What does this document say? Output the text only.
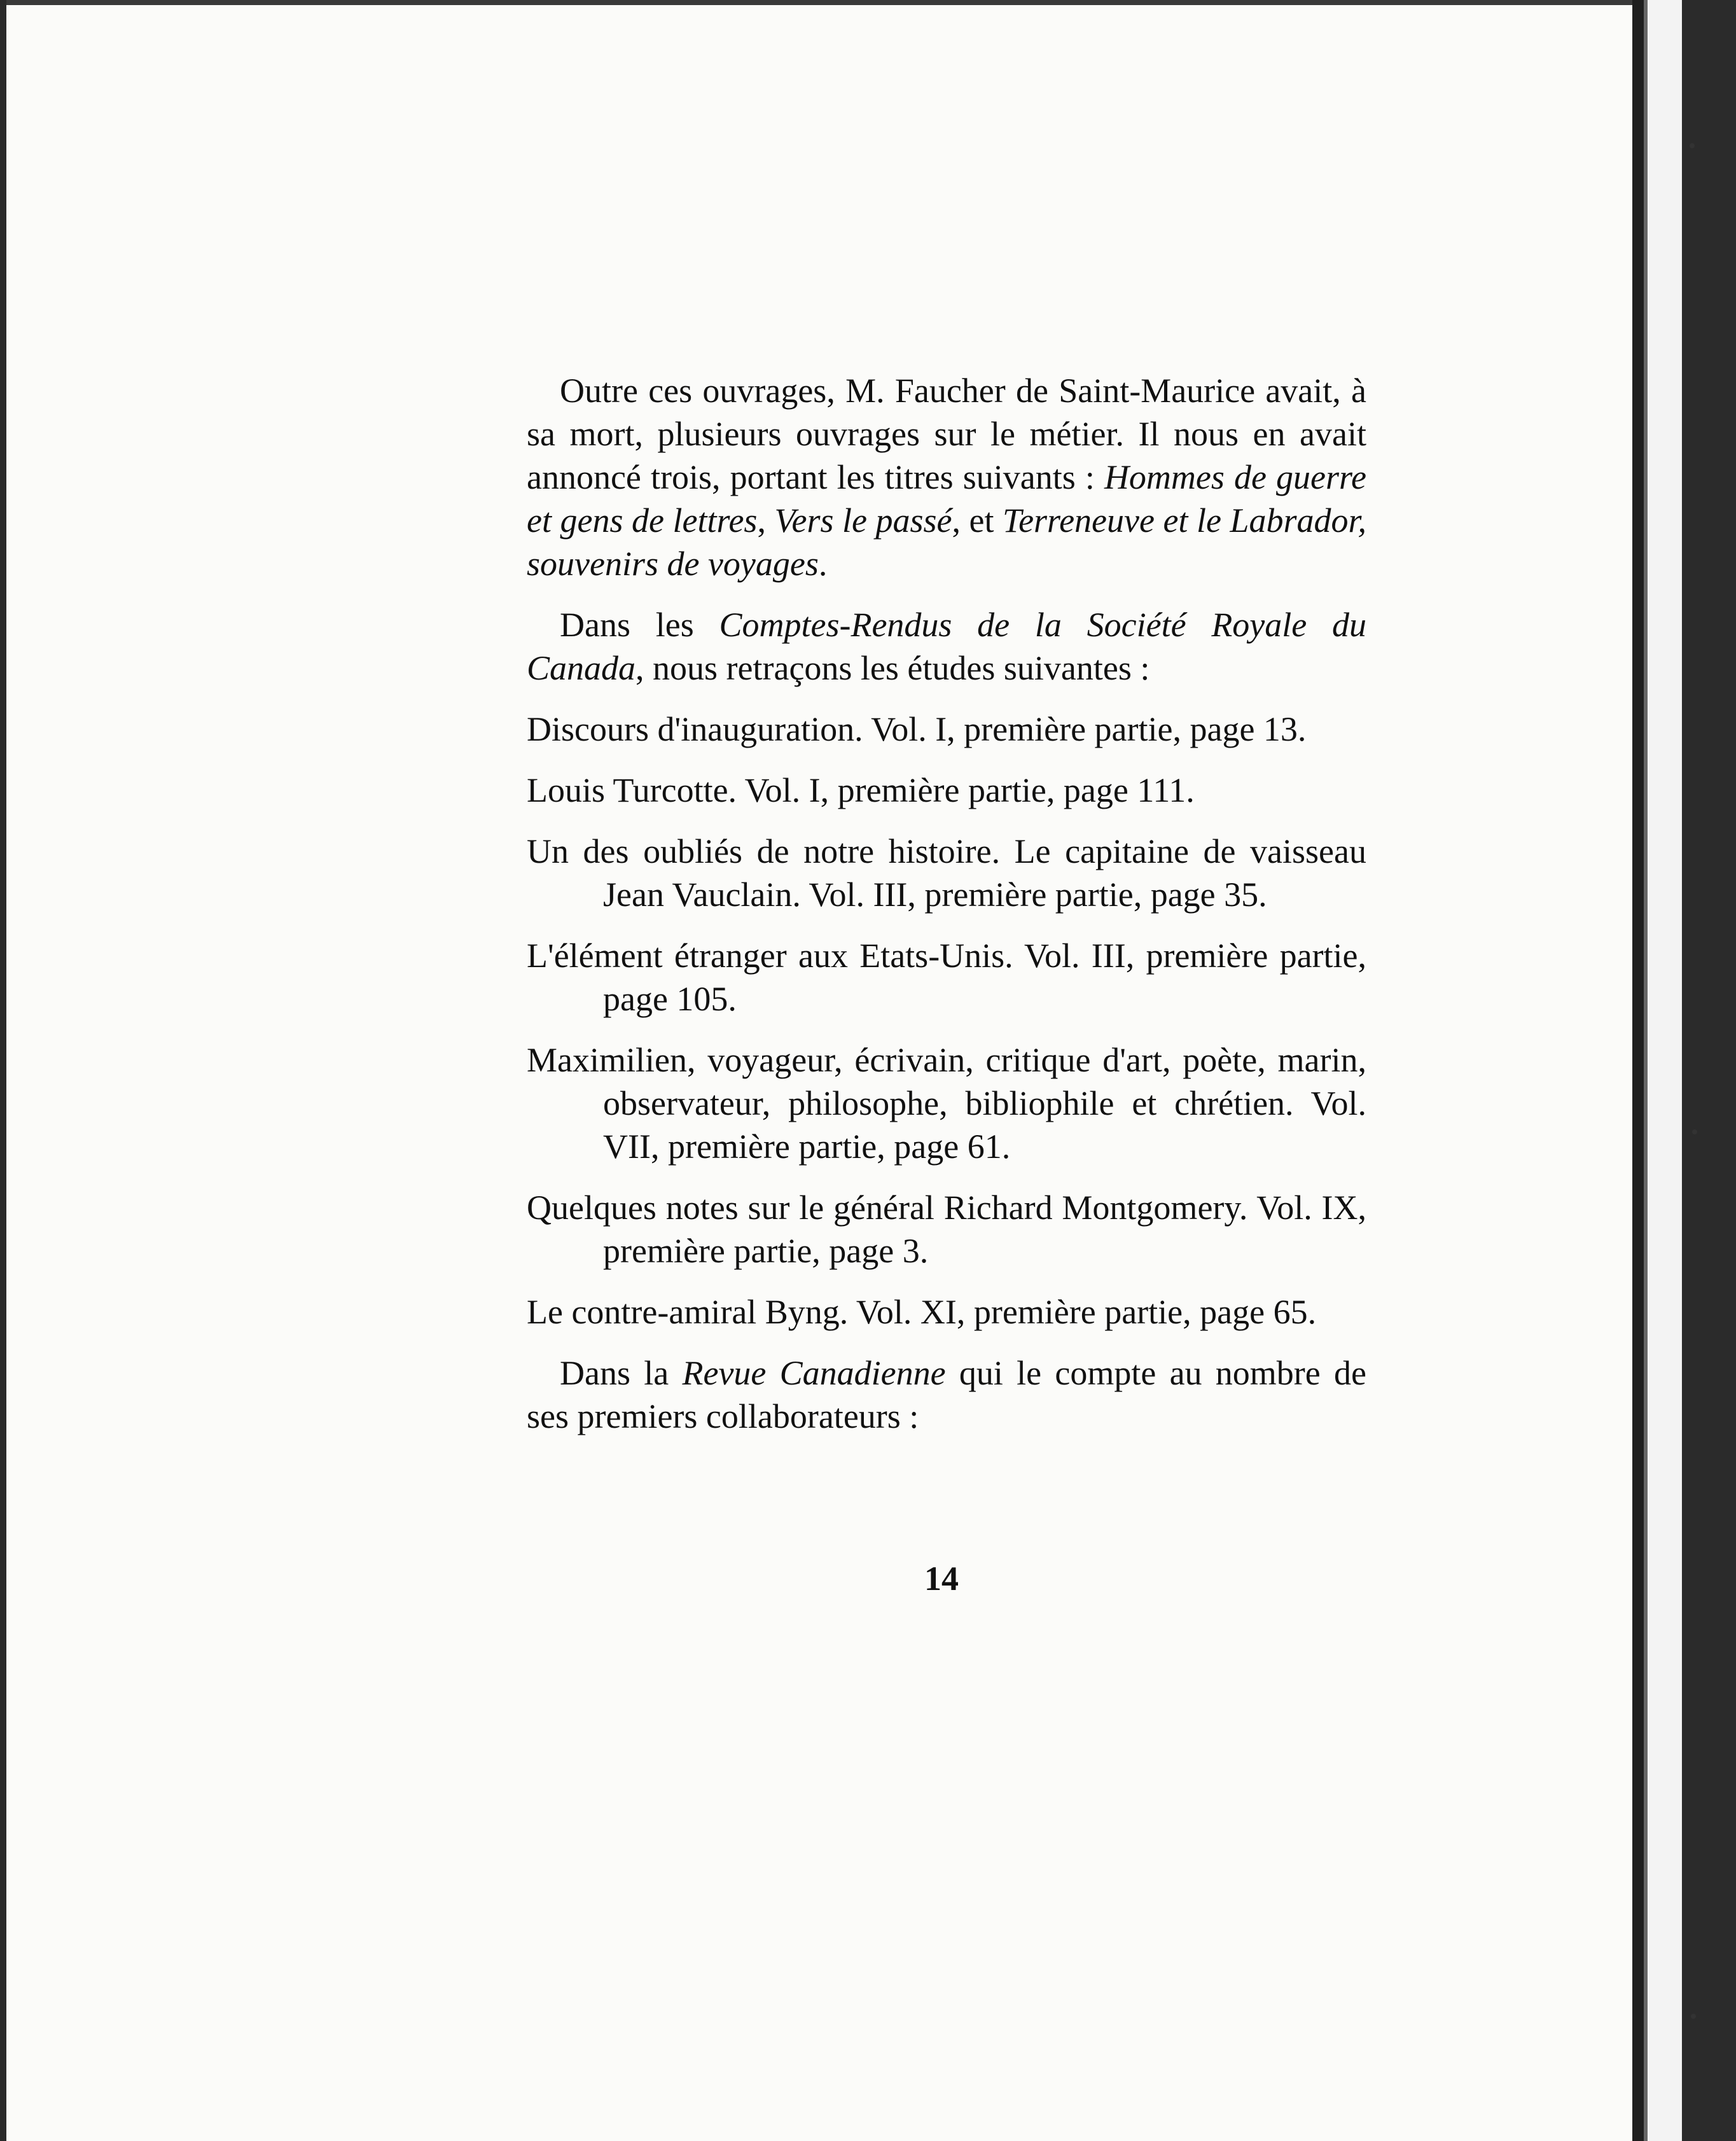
Outre ces ouvrages, M. Faucher de Saint-Maurice avait, à sa mort, plusieurs ouvrages sur le métier. Il nous en avait annoncé trois, portant les titres suivants : Hommes de guerre et gens de lettres, Vers le passé, et Terreneuve et le Labrador, souvenirs de voyages.

Dans les Comptes-Rendus de la Société Royale du Canada, nous retraçons les études suivantes :

Discours d'inauguration. Vol. I, première partie, page 13.

Louis Turcotte. Vol. I, première partie, page 111.

Un des oubliés de notre histoire. Le capitaine de vaisseau Jean Vauclain. Vol. III, première partie, page 35.

L'élément étranger aux Etats-Unis. Vol. III, première partie, page 105.

Maximilien, voyageur, écrivain, critique d'art, poète, marin, observateur, philosophe, bibliophile et chrétien. Vol. VII, première partie, page 61.

Quelques notes sur le général Richard Montgomery. Vol. IX, première partie, page 3.

Le contre-amiral Byng. Vol. XI, première partie, page 65.

Dans la Revue Canadienne qui le compte au nombre de ses premiers collaborateurs :

14
